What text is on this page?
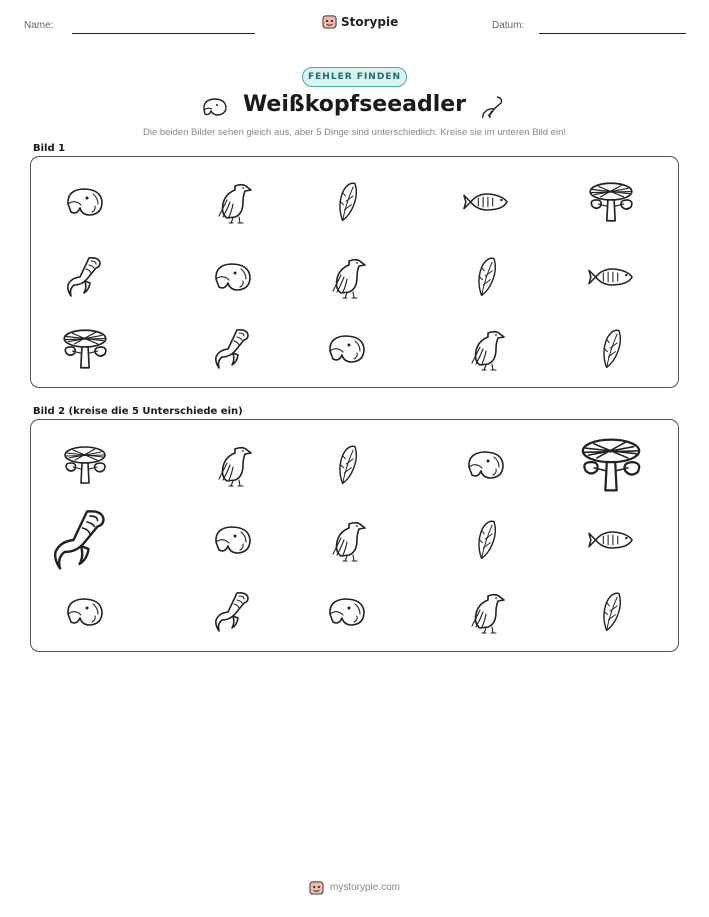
Name:	Storypie	Datum:
FEHLER FINDEN
Weißkopfseeadler
Die beiden Bilder sehen gleich aus, aber 5 Dinge sind unterschiedlich. Kreise sie im unteren Bild ein!
Bild 1
Bild 2 (kreise die 5 Unterschiede ein)
mystorypie.com
